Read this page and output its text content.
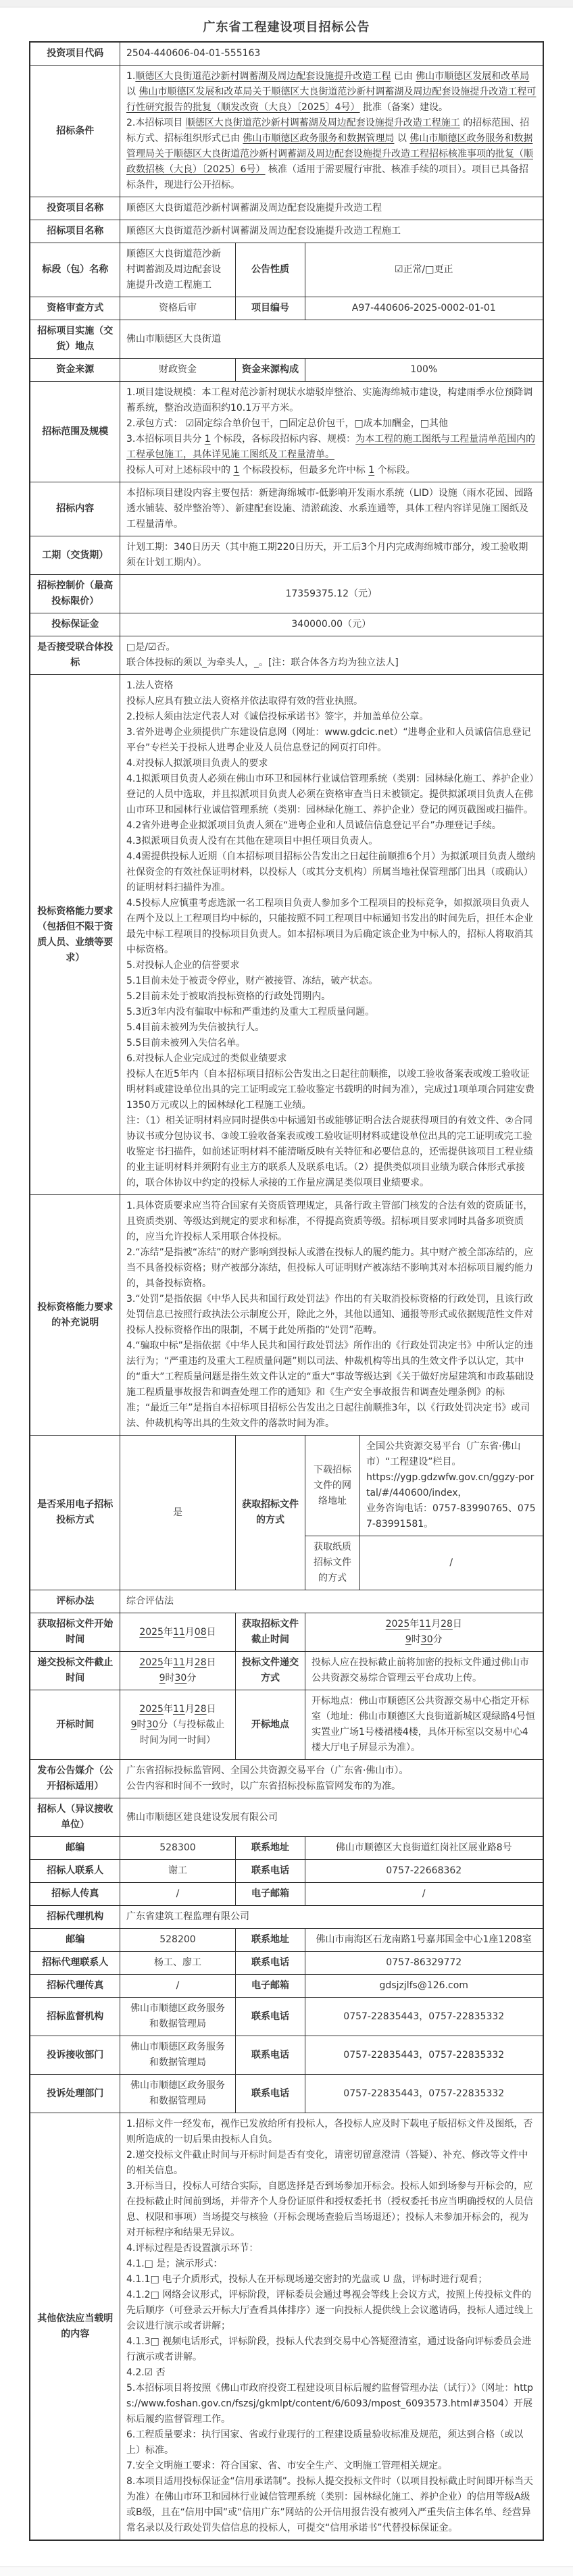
广东省工程建设项目招标公告
投资项目代码	2504-440606-04-01-555163			

招标条件	1.顺德区大良街道范沙新村调蓄湖及周边配套设施提升改造工程 已由 佛山市顺德区发展和改革局 以 佛山市顺德区发展和改革局关于顺德区大良街道范沙新村调蓄湖及周边配套设施提升改造工程可行性研究报告的批复（顺发改资（大良）〔2025〕4号） 批准（备案）建设。
2.本招标项目 顺德区大良街道范沙新村调蓄湖及周边配套设施提升改造工程施工 的招标范围、招标方式、招标组织形式已由 佛山市顺德区政务服务和数据管理局 以 佛山市顺德区政务服务和数据管理局关于顺德区大良街道范沙新村调蓄湖及周边配套设施提升改造工程招标核准事项的批复（顺政数招核（大良）〔2025〕6号） 核准（适用于需要履行审批、核准手续的项目）。项目已具备招标条件，现进行公开招标。			

投资项目名称	顺德区大良街道范沙新村调蓄湖及周边配套设施提升改造工程			

招标项目名称	顺德区大良街道范沙新村调蓄湖及周边配套设施提升改造工程施工			

标段（包）名称	顺德区大良街道范沙新村调蓄湖及周边配套设施提升改造工程施工	公告性质	☑正常/□更正	

资格审查方式	资格后审	项目编号	A97-440606-2025-0002-01-01	

招标项目实施（交货）地点	佛山市顺德区大良街道			

资金来源	财政资金	资金来源构成	100%	

招标范围及规模	1.项目建设规模：本工程对范沙新村现状水塘驳岸整治、实施海绵城市建设，构建雨季水位预降调蓄系统，整治改造面积约10.1万平方米。
2.承包方式： ☑固定综合单价包干，□固定总价包干，□成本加酬金，□其他
3.本招标项目共分 1 个标段，各标段招标内容、规模：为本工程的施工图纸与工程量清单范围内的工程承包施工，具体详见施工图纸及工程量清单。
投标人可对上述标段中的 1 个标段投标，但最多允许中标 1 个标段。			

招标内容	本招标项目建设内容主要包括：新建海绵城市-低影响开发雨水系统（LID）设施（雨水花园、园路透水铺装、驳岸整治等）、新建配套设施、清淤疏浚、水系连通等，具体工程内容详见施工图纸及工程量清单。			

工期（交货期）	计划工期：340日历天（其中施工期220日历天，开工后3个月内完成海绵城市部分，竣工验收期须在计划工期内）。			

招标控制价（最高投标限价）	17359375.12（元）			

投标保证金	340000.00（元）			

是否接受联合体投标	□是/☑否。
联合体投标的须以_为牵头人，_。[注：联合体各方均为独立法人]			

投标资格能力要求（包括但不限于资质人员、业绩等要求）

1.法人资格
投标人应具有独立法人资格并依法取得有效的营业执照。
2.投标人须由法定代表人对《诚信投标承诺书》签字，并加盖单位公章。
3.省外进粤企业须提供广东建设信息网（网址：www.gdcic.net）“进粤企业和人员诚信信息登记平台”专栏关于投标人进粤企业及人员信息登记的网页打印件。
4.对投标人拟派项目负责人的要求
4.1拟派项目负责人必须在佛山市环卫和园林行业诚信管理系统（类别：园林绿化施工、养护企业）登记的人员中选取，并且拟派项目负责人必须在资格审查当日未被锁定。提供拟派项目负责人在佛山市环卫和园林行业诚信管理系统（类别：园林绿化施工、养护企业）登记的网页截图或扫描件。
4.2省外进粤企业拟派项目负责人须在“进粤企业和人员诚信信息登记平台”办理登记手续。
4.3拟派项目负责人没有在其他在建项目中担任项目负责人。
4.4需提供投标人近期（自本招标项目招标公告发出之日起往前顺推6个月）为拟派项目负责人缴纳社保资金的有效社保证明材料，以投标人（或其分支机构）所属当地社保管理部门出具（或确认）的证明材料扫描件为准。
4.5投标人应慎重考虑选派一名工程项目负责人参加多个工程项目的投标竞争，如拟派项目负责人在两个及以上工程项目均中标的，只能按照不同工程项目中标通知书发出的时间先后，担任本企业最先中标工程项目的投标项目负责人。如本招标项目为后确定该企业为中标人的，招标人将取消其中标资格。
5.对投标人企业的信誉要求
5.1目前未处于被责令停业，财产被接管、冻结，破产状态。
5.2目前未处于被取消投标资格的行政处罚期内。
5.3近3年内没有骗取中标和严重违约及重大工程质量问题。
5.4目前未被列为失信被执行人。
5.5目前未被列入失信名单。
6.对投标人企业完成过的类似业绩要求
投标人在近5年内（自本招标项目招标公告发出之日起往前顺推，以竣工验收备案表或竣工验收证明材料或建设单位出具的完工证明或完工验收鉴定书载明的时间为准），完成过1项单项合同建安费1350万元或以上的园林绿化工程施工业绩。
注：（1）相关证明材料应同时提供①中标通知书或能够证明合法合规获得项目的有效文件、②合同协议书或分包协议书、③竣工验收备案表或竣工验收证明材料或建设单位出具的完工证明或完工验收鉴定书扫描件，如前述证明材料不能清晰反映有关特征和必要信息的，还需提供该项目工程业绩的业主证明材料并须附有业主方的联系人及联系电话。（2）提供类似项目业绩为联合体形式承接的，联合体协议中约定的投标人承接的工作量应满足类似项目业绩要求。

投标资格能力要求的补充说明	1.具体资质要求应当符合国家有关资质管理规定，具备行政主管部门核发的合法有效的资质证书，且资质类别、等级达到规定的要求和标准，不得提高资质等级。招标项目要求同时具备多项资质的，应当允许投标人采用联合体投标。
2.“冻结”是指被“冻结”的财产影响到投标人或潜在投标人的履约能力。其中财产被全部冻结的，应当不具备投标资格；财产被部分冻结，但投标人可证明财产被冻结不影响其对本招标项目履约能力的，具备投标资格。
3.“处罚”是指依据《中华人民共和国行政处罚法》作出的有关取消投标资格的行政处罚，且该行政处罚信息已按照行政执法公示制度公开，除此之外，其他以通知、通报等形式或依据规范性文件对投标人投标资格作出的限制，不属于此处所指的“处罚”范畴。
4.“骗取中标”是指依据《中华人民共和国行政处罚法》所作出的《行政处罚决定书》中所认定的违法行为；“严重违约及重大工程质量问题”则以司法、仲裁机构等出具的生效文件予以认定，其中的“重大”工程质量问题是指生效文件认定的“重大”事故等级达到《关于做好房屋建筑和市政基础设施工程质量事故报告和调查处理工作的通知》和《生产安全事故报告和调查处理条例》的标准；“最近三年”是指自本招标项目招标公告发出之日起往前顺推3年，以《行政处罚决定书》或司法、仲裁机构等出具的生效文件的落款时间为准。			

是否采用电子招标投标方式	是	获取招标文件的方式	下载招标文件的网络地址	全国公共资源交易平台（广东省·佛山市）“工程建设”栏目。
https://ygp.gdzwfw.gov.cn/ggzy-portal/#/440600/index，
业务咨询电话：0757-83990765、0757-83991581。

			获取纸质招标文件的方式	/

评标办法	综合评估法			

获取招标文件开始时间	2025年11月08日	获取招标文件截止时间	2025年11月28日
9时30分	

递交投标文件截止时间	2025年11月28日
9时30分	投标文件递交方式	投标人应在投标截止前将加密的投标文件通过佛山市公共资源交易综合管理云平台成功上传。	

开标时间	2025年11月28日
9时30分（与投标截止时间为同一时间）	开标地点	开标地点：佛山市顺德区公共资源交易中心指定开标室（地址：佛山市顺德区大良街道新城区观绿路4号恒实置业广场1号楼裙楼4楼，具体开标室以交易中心4楼大厅电子屏显示为准）。	

发布公告媒介（公开招标适用）	广东省招标投标监管网、全国公共资源交易平台（广东省·佛山市）。
公告内容和时间不一致时，以广东省招标投标监管网发布的为准。			

招标人（异议接收单位）	佛山市顺德区建良建设发展有限公司			

邮编	528300	联系地址	佛山市顺德区大良街道红岗社区展业路8号	

招标人联系人	谢工	联系电话	0757-22668362	

招标人传真	/	电子邮箱	/	

招标代理机构	广东省建筑工程监理有限公司			

邮编	528200	联系地址	佛山市南海区石龙南路1号嘉邦国金中心1座1208室	

招标代理联系人	杨工、廖工	联系电话	0757-86329772	

招标代理传真	/	电子邮箱	gdsjzjlfs@126.com	

招标监督机构	佛山市顺德区政务服务和数据管理局	联系电话	0757-22835443，0757-22835332	

投诉接收部门	佛山市顺德区政务服务和数据管理局	联系电话	0757-22835443，0757-22835332	

投诉处理部门	佛山市顺德区政务服务和数据管理局	联系电话	0757-22835443，0757-22835332	

其他依法应当载明的内容

1.招标文件一经发布，视作已发放给所有投标人，各投标人应及时下载电子版招标文件及图纸，否则所造成的一切后果由投标人自负。
2.递交投标文件截止时间与开标时间是否有变化，请密切留意澄清（答疑）、补充、修改等文件中的相关信息。
3.开标当日，投标人可结合实际，自愿选择是否到场参加开标会。投标人如到场参与开标会的，应在投标截止时间前到场，并带齐个人身份证原件和授权委托书（授权委托书应当明确授权的人员信息、权限和事项）当场提交与核验（开标会现场查验后当场退还）；投标人未参加开标会的，视为对开标程序和结果无异议。
4.评标过程是否设置演示环节：
4.1.□ 是；演示形式：
4.1.1□ 电子介质形式，投标人在开标现场递交密封的光盘或 U 盘，评标时进行观看；
4.1.2□ 网络会议形式，评标阶段，评标委员会通过粤视会等线上会议方式，按照上传投标文件的先后顺序（可登录云开标大厅查看具体排序）逐一向投标人提供线上会议邀请码，投标人通过线上会议进行演示或者讲解；
4.1.3□ 视频电话形式，评标阶段，投标人代表到交易中心答疑澄清室，通过设备向评标委员会进行演示或者讲解。
4.2.☑ 否
5.本招标项目将按照《佛山市政府投资工程建设项目标后履约监督管理办法（试行）》（网址：https://www.foshan.gov.cn/fszsj/gkmlpt/content/6/6093/mpost_6093573.html#3504）开展标后履约监督管理工作。
6.工程质量要求：执行国家、省或行业现行的工程建设质量验收标准及规范，须达到合格（或以上）标准。
7.安全文明施工要求：符合国家、省、市安全生产、文明施工管理相关规定。
8.本项目适用投标保证金“信用承诺制”。投标人提交投标文件时（以项目投标截止时间即开标当天为准）在佛山市环卫和园林行业诚信管理系统（类别：园林绿化施工、养护企业）的信用等级A级或B级，且在“信用中国”或“信用广东”网站的公开信用报告没有被列入严重失信主体名单、经营异常名录以及行政处罚失信信息的投标人，可提交“信用承诺书”代替投标保证金。
